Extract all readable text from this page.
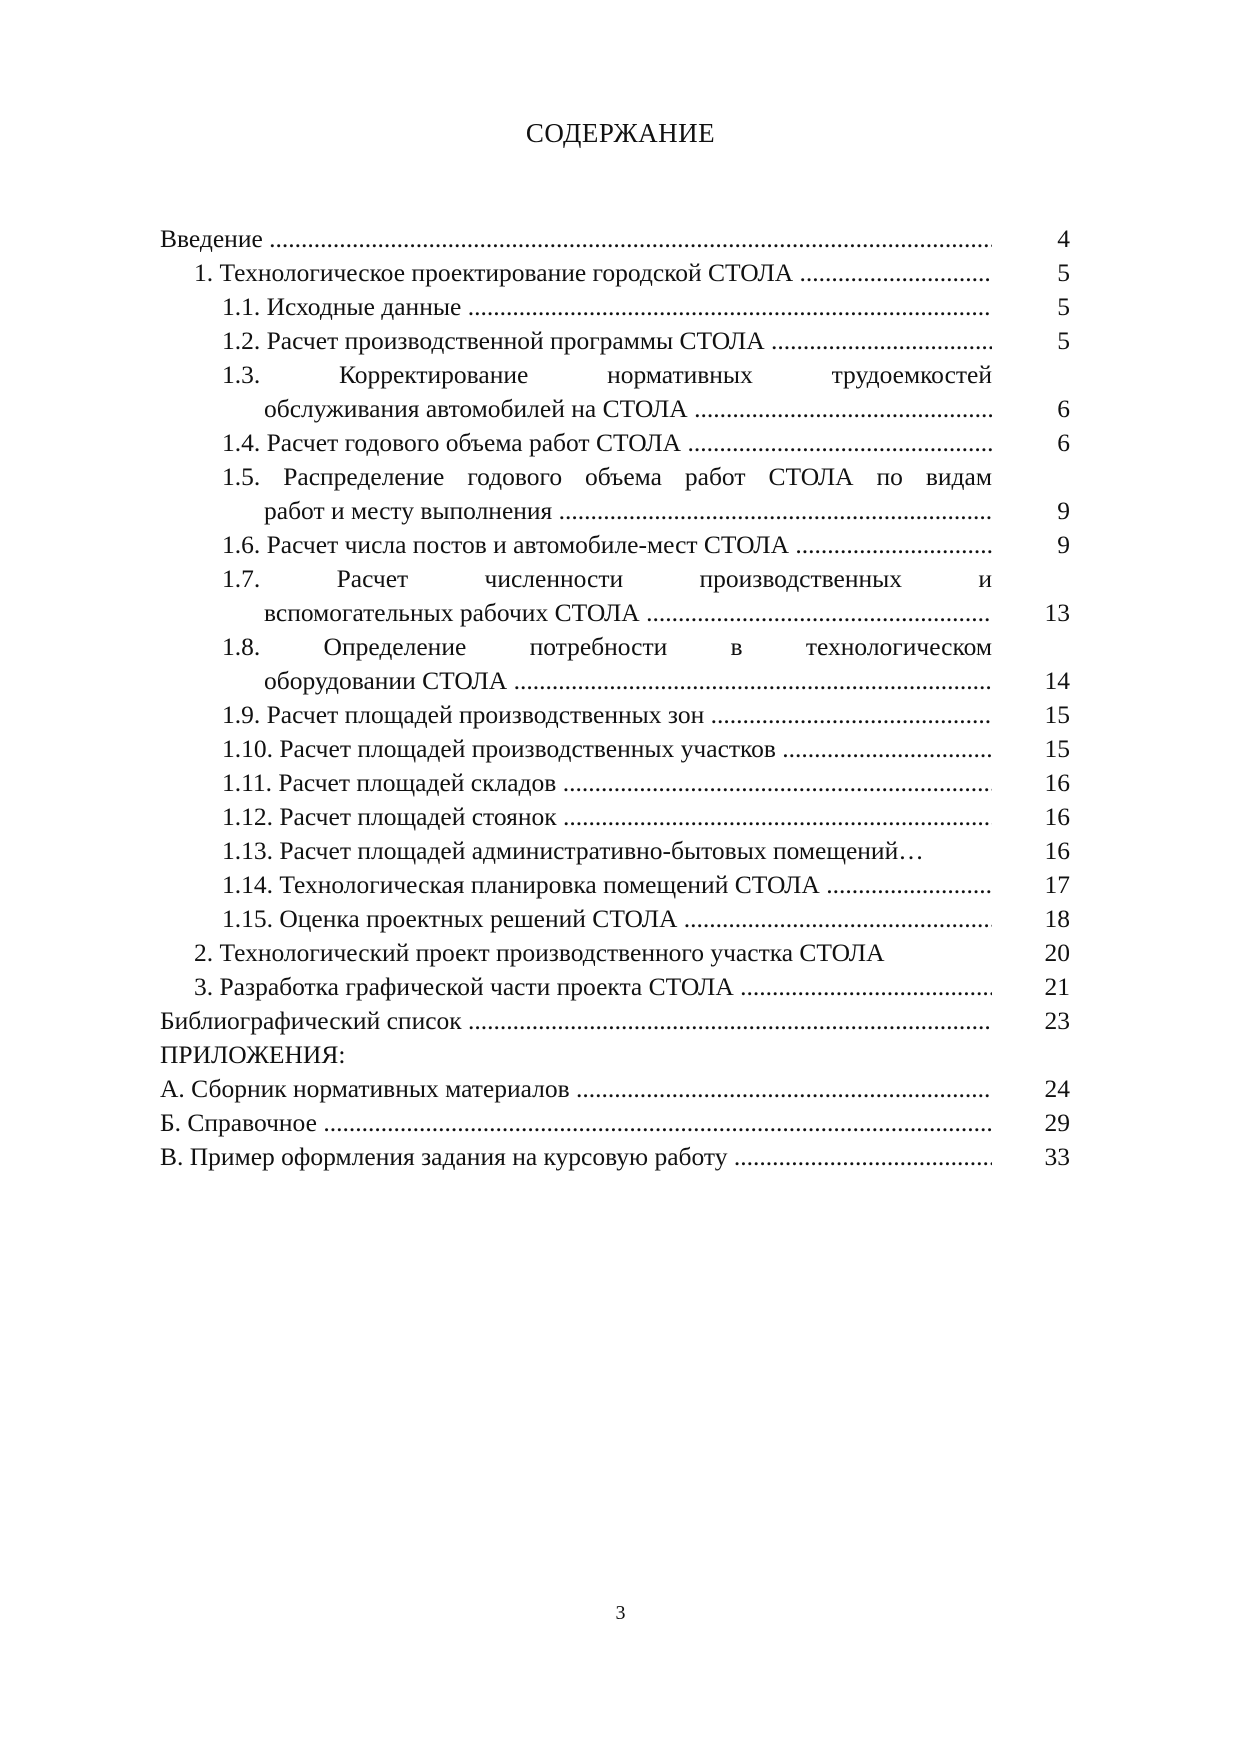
СОДЕРЖАНИЕ
Введение .....	4
1. Технологическое проектирование городской СТОЛА .....	5
1.1. Исходные данные .....	5
1.2. Расчет производственной программы СТОЛА .....	5
1.3. Корректирование нормативных трудоемкостей
обслуживания автомобилей на СТОЛА .....	6
1.4. Расчет годового объема работ СТОЛА .....	6
1.5. Распределение годового объема работ СТОЛА по видам
работ и месту выполнения .....	9
1.6. Расчет числа постов и автомобиле-мест СТОЛА .....	9
1.7. Расчет численности производственных и
вспомогательных рабочих СТОЛА .....	13
1.8. Определение потребности в технологическом
оборудовании СТОЛА .....	14
1.9. Расчет площадей производственных зон .....	15
1.10. Расчет площадей производственных участков .....	15
1.11. Расчет площадей складов .....	16
1.12. Расчет площадей стоянок .....	16
1.13. Расчет площадей административно-бытовых помещений…	16
1.14. Технологическая планировка помещений СТОЛА .....	17
1.15. Оценка проектных решений СТОЛА .....	18
2. Технологический проект производственного участка СТОЛА	20
3. Разработка графической части проекта СТОЛА .....	21
Библиографический список .....	23
ПРИЛОЖЕНИЯ:
А. Сборник нормативных материалов .....	24
Б. Справочное .....	29
В. Пример оформления задания на курсовую работу .....	33
3
